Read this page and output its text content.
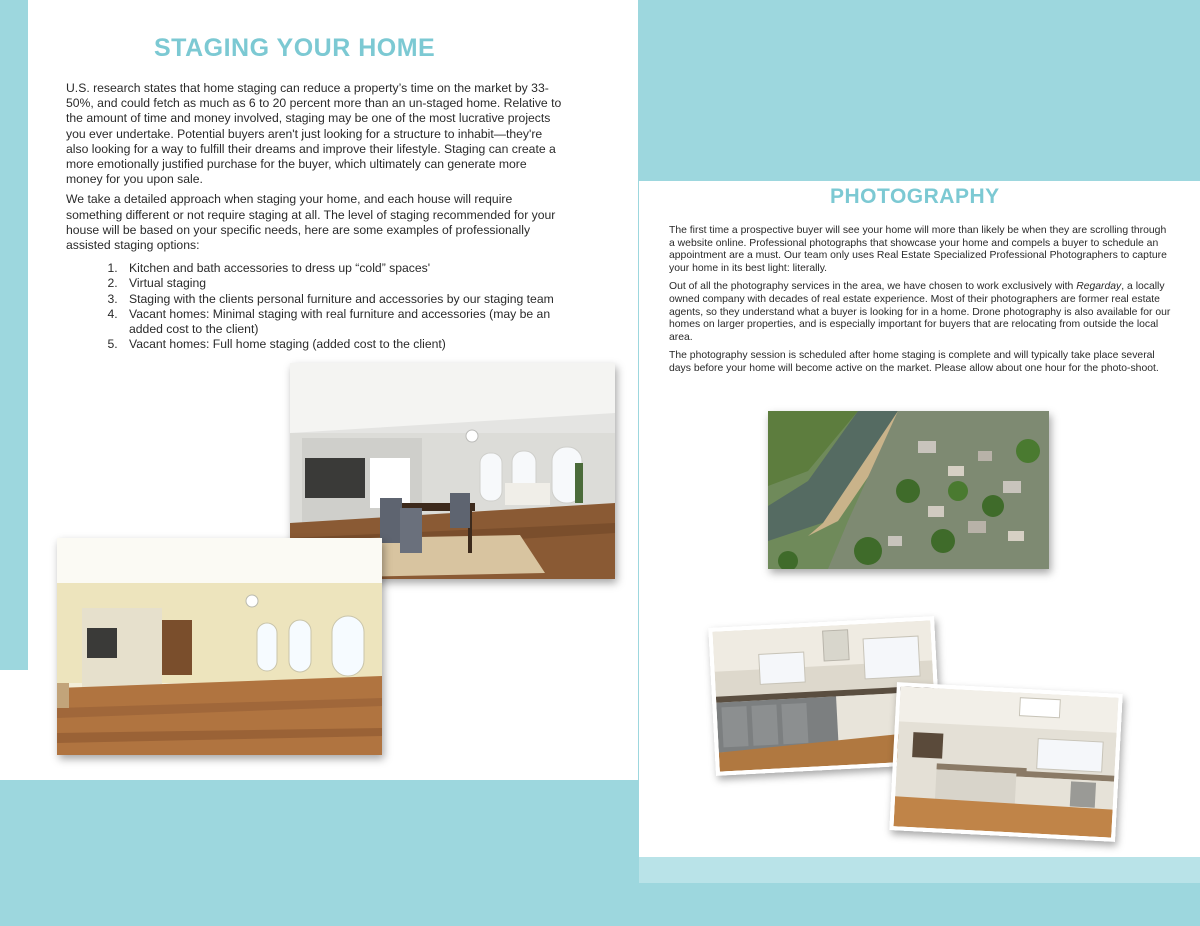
STAGING YOUR HOME

U.S. research states that home staging can reduce a property’s time on the market by 33-50%, and could fetch as much as 6 to 20 percent more than an un-staged home. Relative to the amount of time and money involved, staging may be one of the most lucrative projects you ever undertake. Potential buyers aren't just looking for a structure to inhabit—they're also looking for a way to fulfill their dreams and improve their lifestyle. Staging can create a more emotionally justified purchase for the buyer, which ultimately can generate more money for you upon sale.

We take a detailed approach when staging your home, and each house will require something different or not require staging at all. The level of staging recommended for your house will be based on your specific needs, here are some examples of professionally assisted staging options:

1. Kitchen and bath accessories to dress up “cold” spaces'
2. Virtual staging
3. Staging with the clients personal furniture and accessories by our staging team
4. Vacant homes: Minimal staging with real furniture and accessories (may be an added cost to the client)
5. Vacant homes: Full home staging (added cost to the client)
PHOTOGRAPHY

The first time a prospective buyer will see your home will more than likely be when they are scrolling through a website online. Professional photographs that showcase your home and compels a buyer to schedule an appointment are a must. Our team only uses Real Estate Specialized Professional Photographers to capture your home in its best light: literally.

Out of all the photography services in the area, we have chosen to work exclusively with Regarday, a locally owned company with decades of real estate experience. Most of their photographers are former real estate agents, so they understand what a buyer is looking for in a home. Drone photography is also available for our homes on larger properties, and is especially important for buyers that are relocating from outside the local area.

The photography session is scheduled after home staging is complete and will typically take place several days before your home will become active on the market. Please allow about one hour for the photo-shoot.
